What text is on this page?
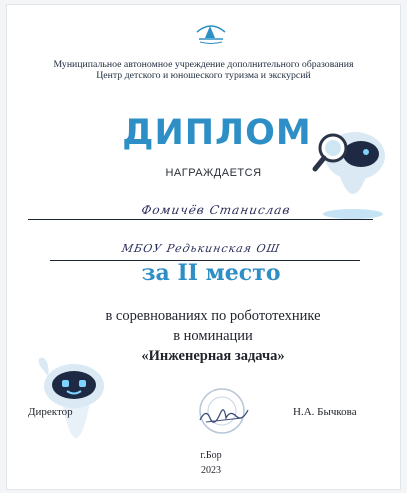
Муниципальное автономное учреждение дополнительного образования
Центр детского и юношеского туризма и экскурсий
ДИПЛОМ
НАГРАЖДАЕТСЯ
Фомичёв Станислав
МБОУ Редькинская ОШ
за II место
в соревнованиях по робототехнике
в номинации
«Инженерная задача»
Директор	Н.А. Бычкова
г.Бор
2023
